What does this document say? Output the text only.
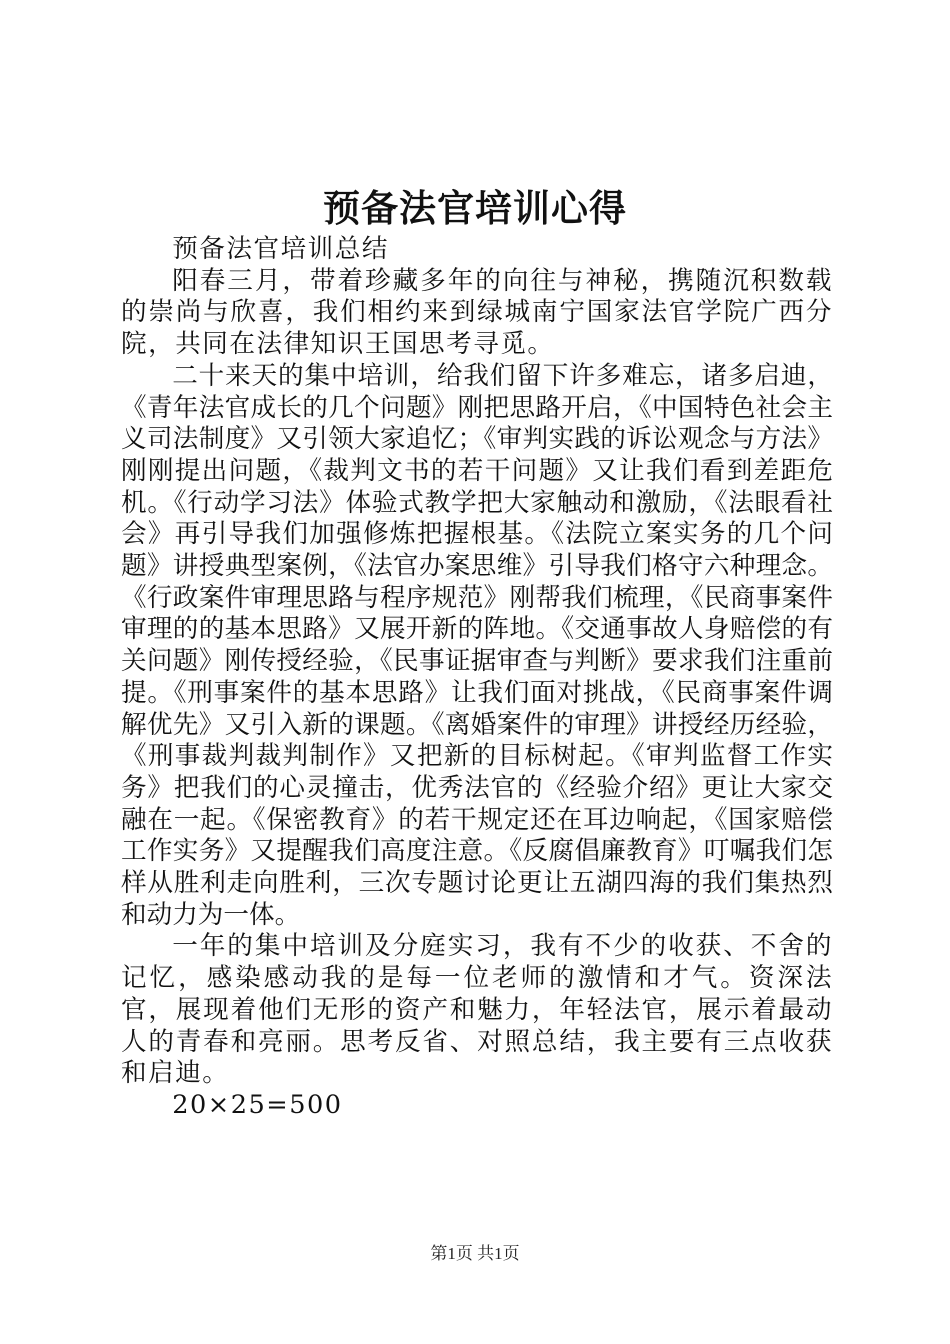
预备法官培训心得

预备法官培训总结

阳春三月，带着珍藏多年的向往与神秘，携随沉积数载的崇尚与欣喜，我们相约来到绿城南宁国家法官学院广西分院，共同在法律知识王国思考寻觅。

二十来天的集中培训，给我们留下许多难忘，诸多启迪，《青年法官成长的几个问题》刚把思路开启，《中国特色社会主义司法制度》又引领大家追忆；《审判实践的诉讼观念与方法》刚刚提出问题，《裁判文书的若干问题》又让我们看到差距危机。《行动学习法》体验式教学把大家触动和激励，《法眼看社会》再引导我们加强修炼把握根基。《法院立案实务的几个问题》讲授典型案例，《法官办案思维》引导我们格守六种理念。《行政案件审理思路与程序规范》刚帮我们梳理，《民商事案件审理的的基本思路》又展开新的阵地。《交通事故人身赔偿的有关问题》刚传授经验，《民事证据审查与判断》要求我们注重前提。《刑事案件的基本思路》让我们面对挑战，《民商事案件调解优先》又引入新的课题。《离婚案件的审理》讲授经历经验，《刑事裁判裁判制作》又把新的目标树起。《审判监督工作实务》把我们的心灵撞击，优秀法官的《经验介绍》更让大家交融在一起。《保密教育》的若干规定还在耳边响起，《国家赔偿工作实务》又提醒我们高度注意。《反腐倡廉教育》叮嘱我们怎样从胜利走向胜利，三次专题讨论更让五湖四海的我们集热烈和动力为一体。

一年的集中培训及分庭实习，我有不少的收获、不舍的记忆，感染感动我的是每一位老师的激情和才气。资深法官，展现着他们无形的资产和魅力，年轻法官，展示着最动人的青春和亮丽。思考反省、对照总结，我主要有三点收获和启迪。

20×25=500

第1页 共1页
